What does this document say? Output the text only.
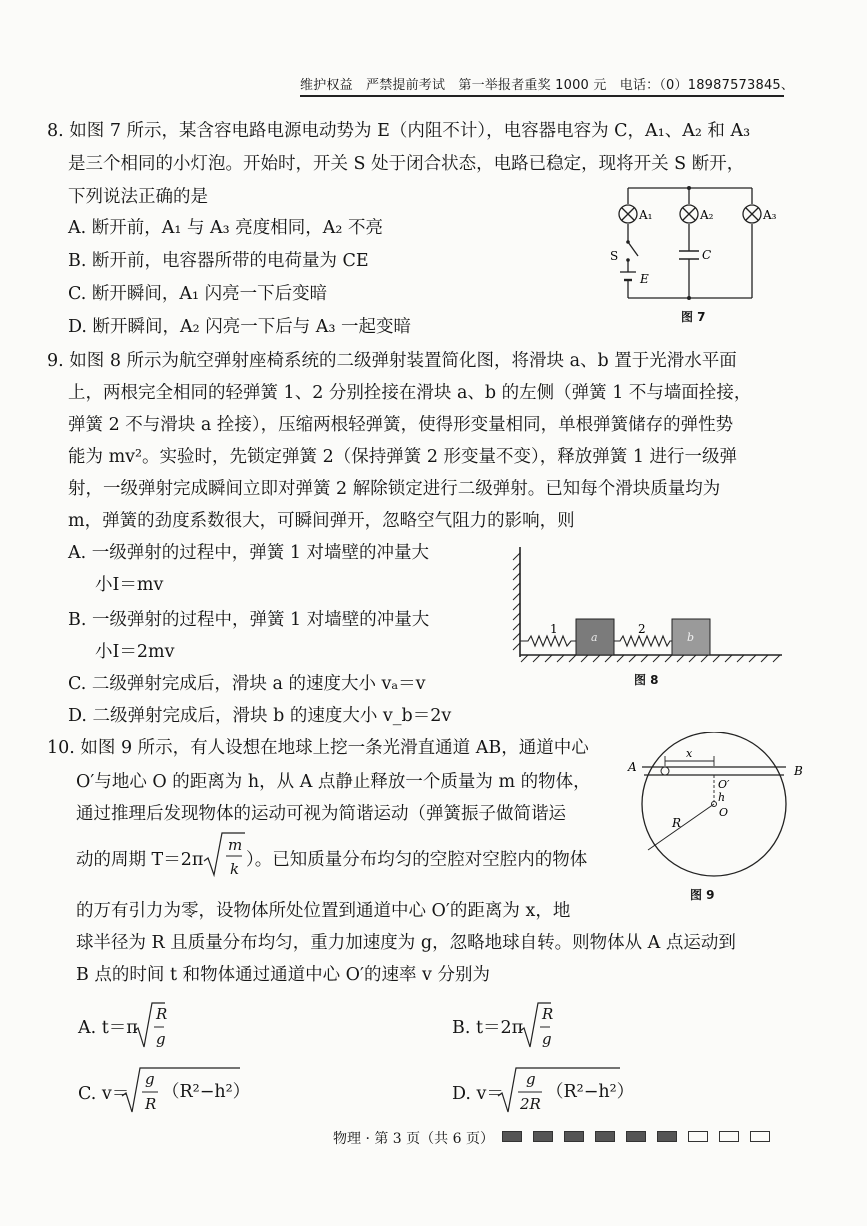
维护权益　严禁提前考试　第一举报者重奖 1000 元　电话：（0）18987573845、
8. 如图 7 所示，某含容电路电源电动势为 E（内阻不计），电容器电容为 C，A₁、A₂ 和 A₃
是三个相同的小灯泡。开始时，开关 S 处于闭合状态，电路已稳定，现将开关 S 断开，
下列说法正确的是
A. 断开前，A₁ 与 A₃ 亮度相同，A₂ 不亮
B. 断开前，电容器所带的电荷量为 CE
C. 断开瞬间，A₁ 闪亮一下后变暗
D. 断开瞬间，A₂ 闪亮一下后与 A₃ 一起变暗
A₁	A₂	A₃
S	C
E
图 7
9. 如图 8 所示为航空弹射座椅系统的二级弹射装置简化图，将滑块 a、b 置于光滑水平面
上，两根完全相同的轻弹簧 1、2 分别拴接在滑块 a、b 的左侧（弹簧 1 不与墙面拴接，
弹簧 2 不与滑块 a 拴接），压缩两根轻弹簧，使得形变量相同，单根弹簧储存的弹性势
能为 mv²。实验时，先锁定弹簧 2（保持弹簧 2 形变量不变），释放弹簧 1 进行一级弹
射，一级弹射完成瞬间立即对弹簧 2 解除锁定进行二级弹射。已知每个滑块质量均为
m，弹簧的劲度系数很大，可瞬间弹开，忽略空气阻力的影响，则
A. 一级弹射的过程中，弹簧 1 对墙壁的冲量大
小I＝mv
B. 一级弹射的过程中，弹簧 1 对墙壁的冲量大
小I＝2mv
C. 二级弹射完成后，滑块 a 的速度大小 vₐ＝v
D. 二级弹射完成后，滑块 b 的速度大小 v_b＝2v
1	2
a	b
图 8
10. 如图 9 所示，有人设想在地球上挖一条光滑直通道 AB，通道中心
O′与地心 O 的距离为 h，从 A 点静止释放一个质量为 m 的物体，
通过推理后发现物体的运动可视为简谐运动（弹簧振子做简谐运
动的周期 T＝2π
m
k ）。已知质量分布均匀的空腔对空腔内的物体
的万有引力为零，设物体所处位置到通道中心 O′的距离为 x，地
球半径为 R 且质量分布均匀，重力加速度为 g，忽略地球自转。则物体从 A 点运动到
B 点的时间 t 和物体通过通道中心 O′的速率 v 分别为
A	B
x
O′
h
O
R
图 9
A. t＝π
R
g
B. t＝2π
R
g
C. v＝
g
R
（R²−h²）	D. v＝
g
2R
（R²−h²）
物理 · 第 3 页（共 6 页）
